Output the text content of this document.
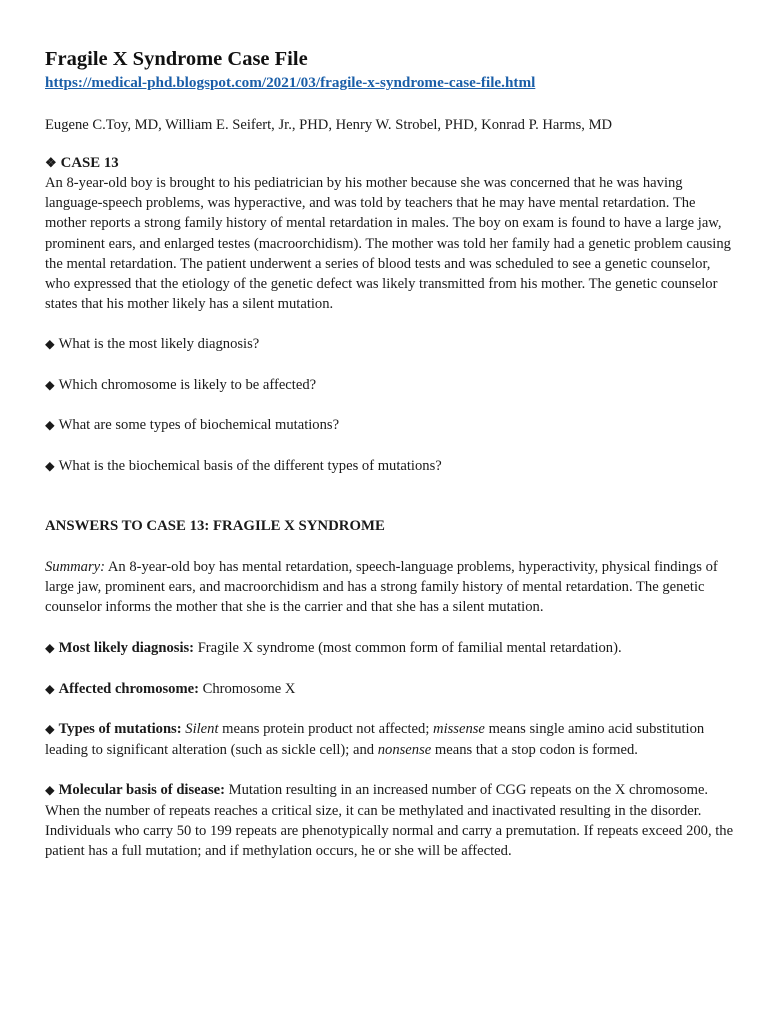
Fragile X Syndrome Case File
https://medical-phd.blogspot.com/2021/03/fragile-x-syndrome-case-file.html
Eugene C.Toy, MD, William E. Seifert, Jr., PHD, Henry W. Strobel, PHD, Konrad P. Harms, MD
❖ CASE 13

An 8-year-old boy is brought to his pediatrician by his mother because she was concerned that he was having language-speech problems, was hyperactive, and was told by teachers that he may have mental retardation. The mother reports a strong family history of mental retardation in males. The boy on exam is found to have a large jaw, prominent ears, and enlarged testes (macroorchidism). The mother was told her family had a genetic problem causing the mental retardation. The patient underwent a series of blood tests and was scheduled to see a genetic counselor, who expressed that the etiology of the genetic defect was likely transmitted from his mother. The genetic counselor states that his mother likely has a silent mutation.

◆ What is the most likely diagnosis?
◆ Which chromosome is likely to be affected?
◆ What are some types of biochemical mutations?
◆ What is the biochemical basis of the different types of mutations?
ANSWERS TO CASE 13: FRAGILE X SYNDROME

Summary: An 8-year-old boy has mental retardation, speech-language problems, hyperactivity, physical findings of large jaw, prominent ears, and macroorchidism and has a strong family history of mental retardation. The genetic counselor informs the mother that she is the carrier and that she has a silent mutation.

◆ Most likely diagnosis: Fragile X syndrome (most common form of familial mental retardation).

◆ Affected chromosome: Chromosome X

◆ Types of mutations: Silent means protein product not affected; missense means single amino acid substitution leading to significant alteration (such as sickle cell); and nonsense means that a stop codon is formed.

◆ Molecular basis of disease: Mutation resulting in an increased number of CGG repeats on the X chromosome. When the number of repeats reaches a critical size, it can be methylated and inactivated resulting in the disorder. Individuals who carry 50 to 199 repeats are phenotypically normal and carry a premutation. If repeats exceed 200, the patient has a full mutation; and if methylation occurs, he or she will be affected.
